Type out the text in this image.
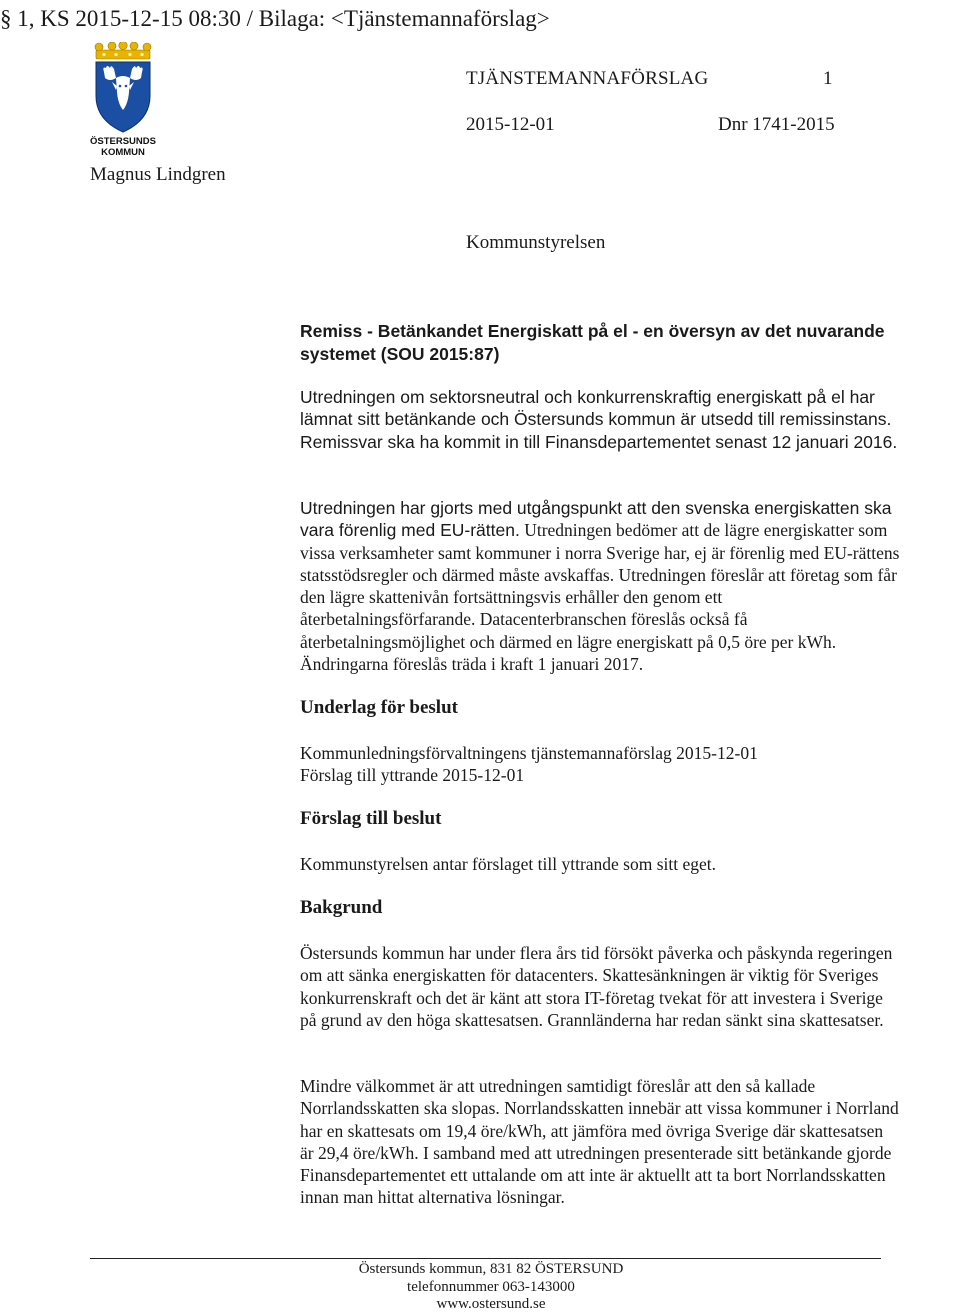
§ 1, KS 2015-12-15 08:30 / Bilaga: <Tjänstemannaförslag>
ÖSTERSUNDS
KOMMUN
TJÄNSTEMANNAFÖRSLAG	1
2015-12-01	Dnr 1741-2015
Magnus Lindgren
Kommunstyrelsen
Remiss - Betänkandet Energiskatt på el - en översyn av det nuvarande systemet (SOU 2015:87)
Utredningen om sektorsneutral och konkurrenskraftig energiskatt på el har lämnat sitt betänkande och Östersunds kommun är utsedd till remissinstans. Remissvar ska ha kommit in till Finansdepartementet senast 12 januari 2016.
Utredningen har gjorts med utgångspunkt att den svenska energiskatten ska vara förenlig med EU-rätten. Utredningen bedömer att de lägre energiskatter som vissa verksamheter samt kommuner i norra Sverige har, ej är förenlig med EU-rättens statsstödsregler och därmed måste avskaffas. Utredningen föreslår att företag som får den lägre skattenivån fortsättningsvis erhåller den genom ett återbetalningsförfarande. Datacenterbranschen föreslås också få återbetalningsmöjlighet och därmed en lägre energiskatt på 0,5 öre per kWh. Ändringarna föreslås träda i kraft 1 januari 2017.
Underlag för beslut
Kommunledningsförvaltningens tjänstemannaförslag 2015-12-01
Förslag till yttrande 2015-12-01
Förslag till beslut
Kommunstyrelsen antar förslaget till yttrande som sitt eget.
Bakgrund
Östersunds kommun har under flera års tid försökt påverka och påskynda regeringen om att sänka energiskatten för datacenters. Skattesänkningen är viktig för Sveriges konkurrenskraft och det är känt att stora IT-företag tvekat för att investera i Sverige på grund av den höga skattesatsen. Grannländerna har redan sänkt sina skattesatser.
Mindre välkommet är att utredningen samtidigt föreslår att den så kallade Norrlandsskatten ska slopas. Norrlandsskatten innebär att vissa kommuner i Norrland har en skattesats om 19,4 öre/kWh, att jämföra med övriga Sverige där skattesatsen är 29,4 öre/kWh. I samband med att utredningen presenterade sitt betänkande gjorde Finansdepartementet ett uttalande om att inte är aktuellt att ta bort Norrlandsskatten innan man hittat alternativa lösningar.
Östersunds kommun, 831 82 ÖSTERSUND
telefonnummer 063-143000
www.ostersund.se
